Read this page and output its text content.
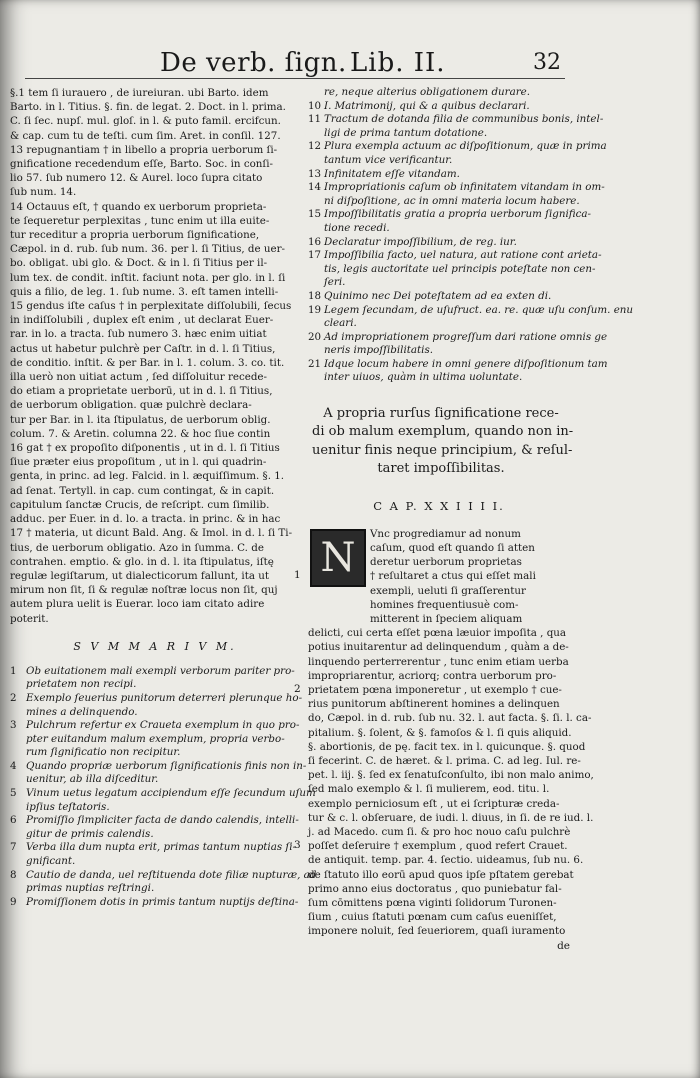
De verb. ſign. Lib. II.	32
§.1 tem ſi iurauero , de iureiuran. ubi Barto. idem
Barto. in l. Titius. §. fin. de legat. 2. Doct. in l. prima.
C. ſi ſec. nupſ. mul. gloſ. in l. & puto famil. ercifcun.
& cap. cum tu de teſti. cum ſim. Aret. in conſil. 127.
13 repugnantiam † in libello a propria uerborum ſi-
gnificatione recedendum eſſe, Barto. Soc. in conſi-
lio 57. ſub numero 12. & Aurel. loco ſupra citato
ſub num. 14.
14 Octauus eſt, † quando ex uerborum proprieta-
te ſequeretur perplexitas , tunc enim ut illa euite-
tur receditur a propria uerborum ſignificatione,
Cæpol. in d. rub. ſub num. 36. per l. ſi Titius, de uer-
bo. obligat. ubi glo. & Doct. & in l. ſi Titius per il-
lum tex. de condit. inſtit. faciunt nota. per glo. in l. ſi
quis a filio, de leg. 1. ſub nume. 3. eſt tamen intelli-
15 gendus iſte caſus † in perplexitate diſſolubili, ſecus
in indiſſolubili , duplex eſt enim , ut declarat Euer-
rar. in lo. a tracta. ſub numero 3. hæc enim uitiat
actus ut habetur pulchrè per Caſtr. in d. l. ſi Titius,
de conditio. inſtit. & per Bar. in l. 1. colum. 3. co. tit.
illa uerò non uitiat actum , ſed diſſoluitur recede-
do etiam a proprietate uerborū, ut in d. l. ſi Titius,
de uerborum obligation. quæ pulchrè declara-
tur per Bar. in l. ita ſtipulatus, de uerborum oblig.
colum. 7. & Aretin. columna 22. & hoc ſiue contin
16 gat † ex propoſito diſponentis , ut in d. l. ſi Titius
ſiue præter eius propoſitum , ut in l. qui quadrin-
genta, in princ. ad leg. Falcid. in l. æquiſſimum. §. 1.
ad ſenat. Tertyll. in cap. cum contingat, & in capit.
capitulum ſanctæ Crucis, de reſcript. cum ſimilib.
adduc. per Euer. in d. lo. a tracta. in princ. & in hac
17 † materia, ut dicunt Bald. Ang. & Imol. in d. l. ſi Ti-
tius, de uerborum obligatio. Azo in ſumma. C. de
contrahen. emptio. & glo. in d. l. ita ſtipulatus, iſtę
regulæ legiſtarum, ut dialecticorum fallunt, ita ut
mirum non ſit, ſi & regulæ noſtræ locus non ſit, quj
autem plura uelit is Euerar. loco iam citato adire
poterit.
S V M M A R I V M.
1 Ob euitationem mali exempli verborum pariter pro-
prietatem non recipi.
2 Exemplo ſeuerius punitorum deterreri plerunque ho-
mines a delinquendo.
3 Pulchrum refertur ex Crauetа exemplum in quo pro-
pter euitandum malum exemplum, propria verbo-
rum ſignificatio non recipitur.
4 Quando propriæ uerborum ſignificationis finis non in-
uenitur, ab illa diſceditur.
5 Vinum uetus legatum accipiendum eſſe ſecundum uſum
ipſius teſtatoris.
6 Promiſſio ſimpliciter facta de dando calendis, intelli-
gitur de primis calendis.
7 Verba illa dum nupta erit, primas tantum nuptias ſi-
gnificant.
8 Cautio de danda, uel reſtituenda dote filiæ nupturæ, ad
primas nuptias reſtringi.
9 Promiſſionem dotis in primis tantum nuptijs deſtina-
re, neque alterius obligationem durare.
10 I. Matrimonij, qui & a quibus declarari.
11 Tractum de dotanda filia de communibus bonis, intel-
ligi de prima tantum dotatione.
12 Plura exempla actuum ac diſpoſitionum, quæ in prima
tantum vice verificantur.
13 Infinitatem eſſe vitandam.
14 Impropriationis caſum ob infinitatem vitandam in om-
ni diſpoſitione, ac in omni materia locum habere.
15 Impoſſibilitatis gratia a propria uerborum ſignifica-
tione recedi.
16 Declaratur impoſſibilium, de reg. iur.
17 Impoſſibilia facto, uel natura, aut ratione cont arieta-
tis, legis auctoritate uel principis poteſtate non cen-
ſeri.
18 Quinimo nec Dei poteſtatem ad ea exten di.
19 Legem ſecundam, de uſufruct. ea. re. quæ uſu conſum. enu
cleari.
20 Ad impropriationem progreſſum dari ratione omnis ge
neris impoſſibilitatis.
21 Idque locum habere in omni genere diſpoſitionum tam
inter uiuos, quàm in ultima uoluntate.
A propria rurſus ſignificatione rece-
di ob malum exemplum, quando non in-
uenitur finis neque principium, & reſul-
taret impoſſibilitas.
C A P. X X I I I I.
N
Vnc progrediamur ad nonum
caſum, quod eſt quando ſi atten
deretur uerborum proprietas
† reſultaret a ctus qui eſſet mali
exempli, ueluti ſi graſſerentur
homines frequentiusuè com-
mitterent in ſpeciem aliquam
delicti, cui certa eſſet pœna læuior impoſita , qua
potius inuitarentur ad delinquendum , quàm a de-
linquendo perterrerentur , tunc enim etiam uerba
impropriarentur, acriorq; contra uerborum pro-
prietatem pœna imponeretur , ut exemplo † cue-
rius punitorum abſtinerent homines a delinquen
do, Cæpol. in d. rub. ſub nu. 32. l. aut facta. §. ſi. l. ca-
pitalium. §. ſolent, & §. famoſos & l. ſi quis aliquid.
§. abortionis, de pę. facit tex. in l. quicunque. §. quod
ſi fecerint. C. de hæret. & l. prima. C. ad leg. Iul. re-
pet. l. iij. §. ſed ex ſenatuſconſulto, ibi non malo animo,
ſed malo exemplo & l. ſi mulierem, eod. titu. l.
exemplo perniciosum eſt , ut ei ſcripturæ creda-
tur & c. l. obſeruare, de iudi. l. diuus, in ſi. de re iud. l.
j. ad Macedo. cum ſi. & pro hoc nouo caſu pulchrè
poſſet deſeruire † exemplum , quod refert Crauet.
de antiquit. temp. par. 4. ſectio. uideamus, ſub nu. 6.
de ſtatuto illo eorū apud quos ipſe pſtatem gerebat
primo anno eius doctoratus , quo puniebatur fal-
ſum cōmittens pœna viginti ſolidorum Turonen-
ſium , cuius ſtatuti pœnam cum caſus eueniſſet,
imponere noluit, ſed ſeueriorem, quaſi iuramento
1
2
3
de
